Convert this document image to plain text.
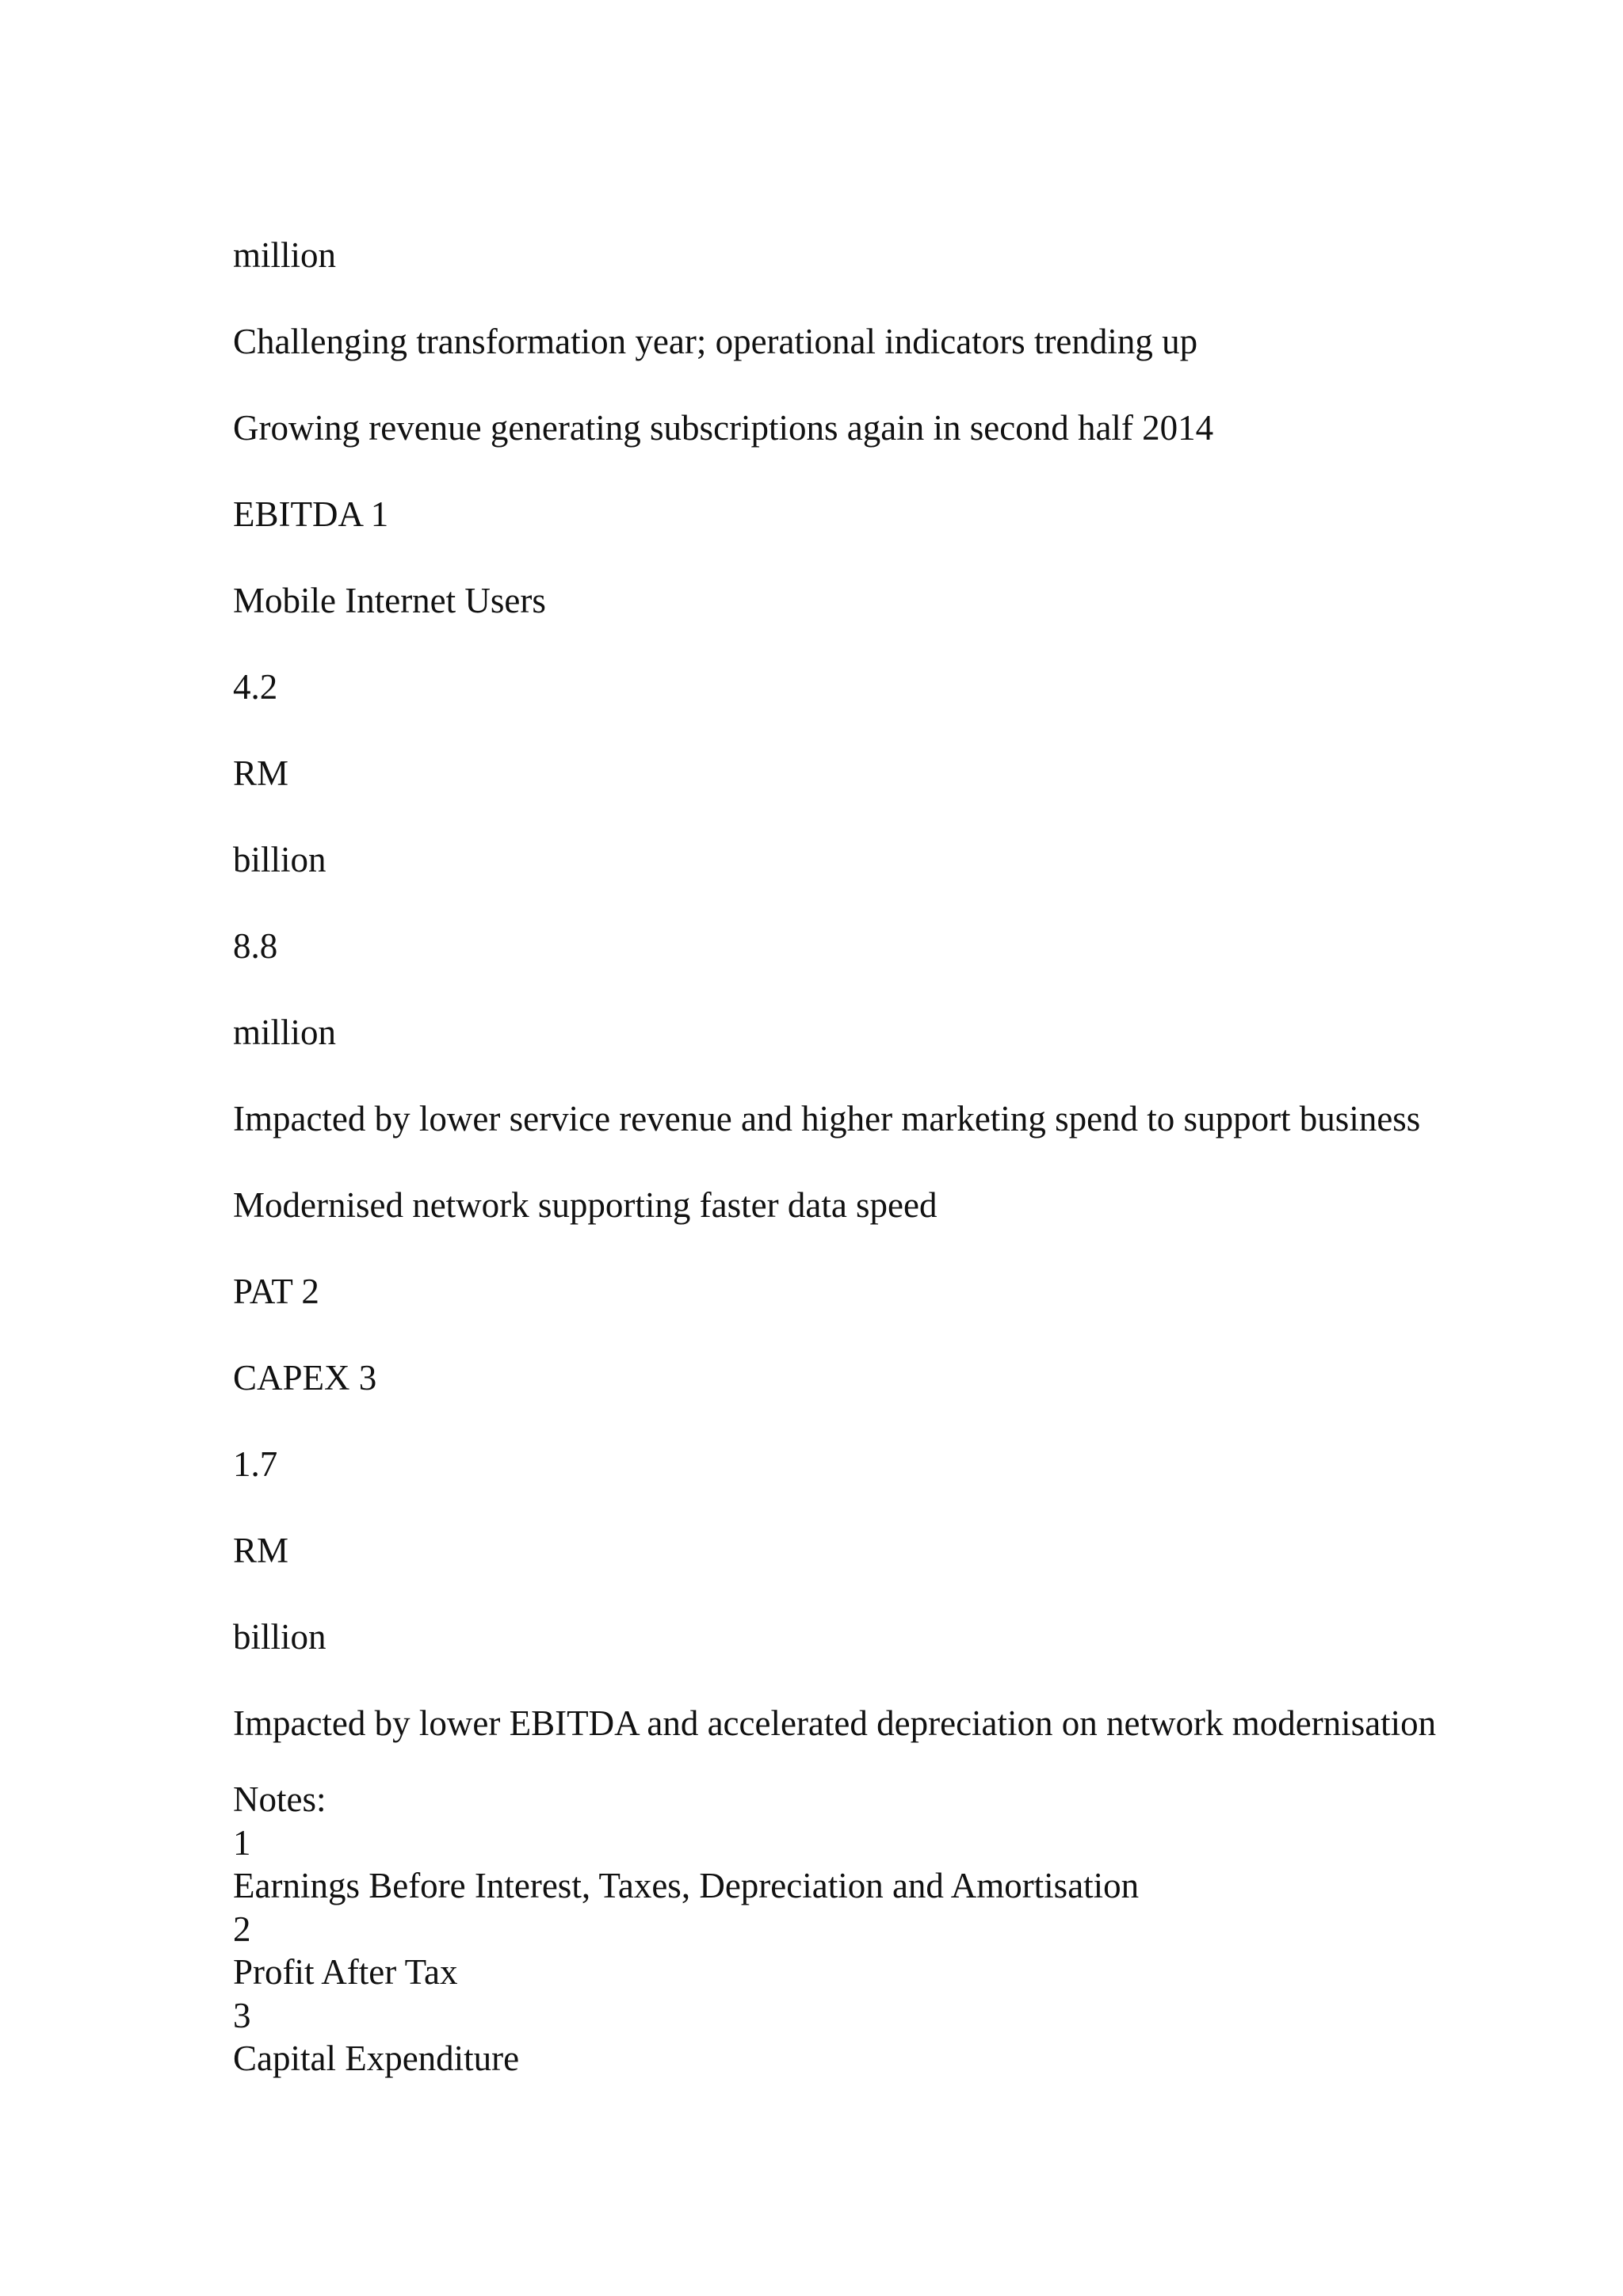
million

Challenging transformation year; operational indicators trending up

Growing revenue generating subscriptions again in second half 2014

EBITDA 1

Mobile Internet Users

4.2

RM

billion

8.8

million

Impacted by lower service revenue and higher marketing spend to support business

Modernised network supporting faster data speed

PAT 2

CAPEX 3

1.7

RM

billion

Impacted by lower EBITDA and accelerated depreciation on network modernisation

Notes:
1
Earnings Before Interest, Taxes, Depreciation and Amortisation
2
Profit After Tax
3
Capital Expenditure
